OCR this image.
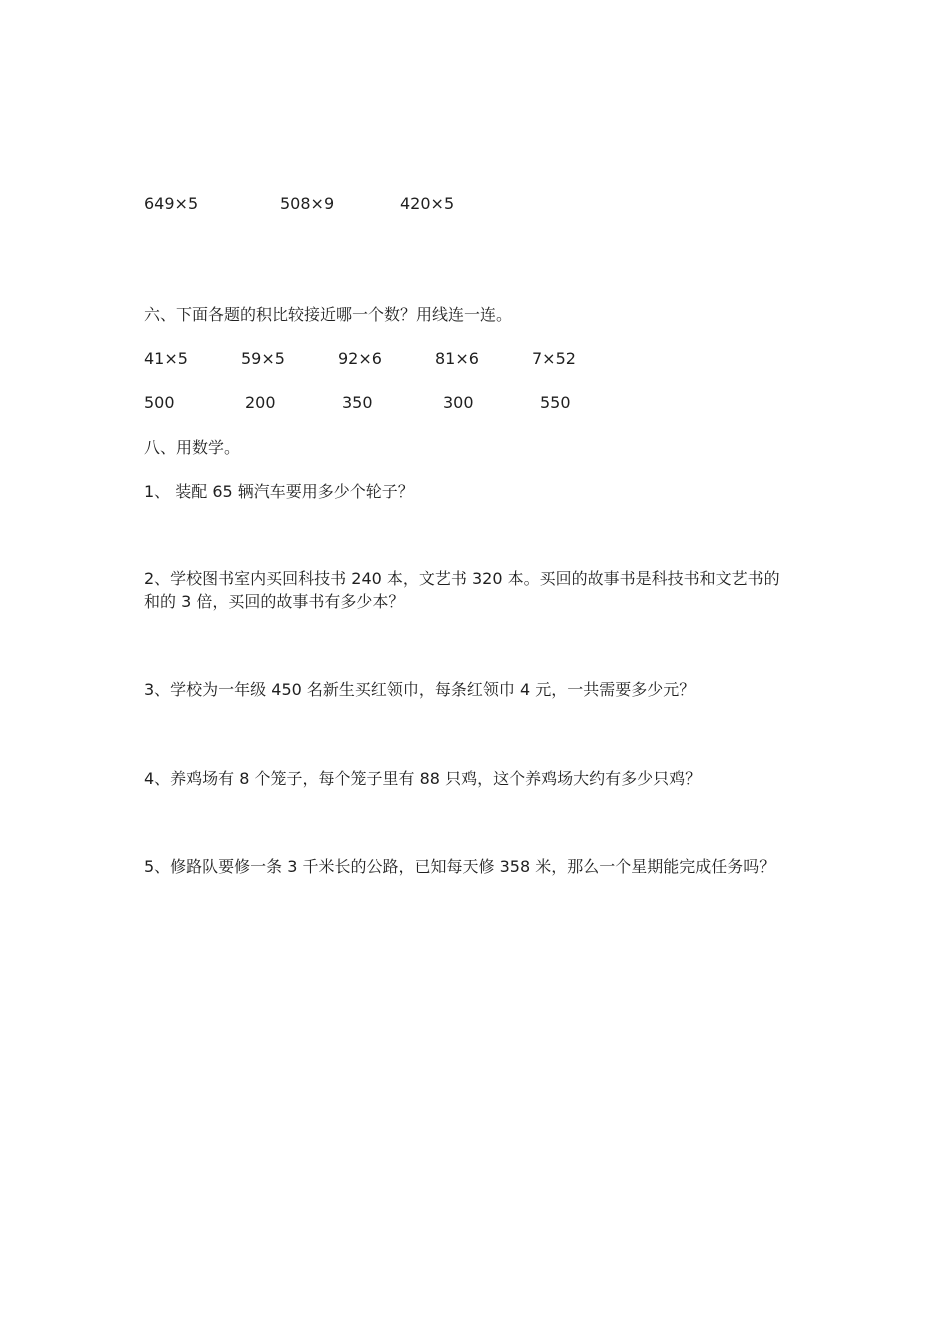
649×5	508×9	420×5
六、下面各题的积比较接近哪一个数？用线连一连。
41×5	59×5	92×6	81×6	7×52
500	200	350	300	550
八、用数学。
1、 装配 65 辆汽车要用多少个轮子？
2、学校图书室内买回科技书 240 本，文艺书 320 本。买回的故事书是科技书和文艺书的
和的 3 倍，买回的故事书有多少本？
3、学校为一年级 450 名新生买红领巾，每条红领巾 4 元，一共需要多少元？
4、养鸡场有 8 个笼子，每个笼子里有 88 只鸡，这个养鸡场大约有多少只鸡？
5、修路队要修一条 3 千米长的公路，已知每天修 358 米，那么一个星期能完成任务吗？
